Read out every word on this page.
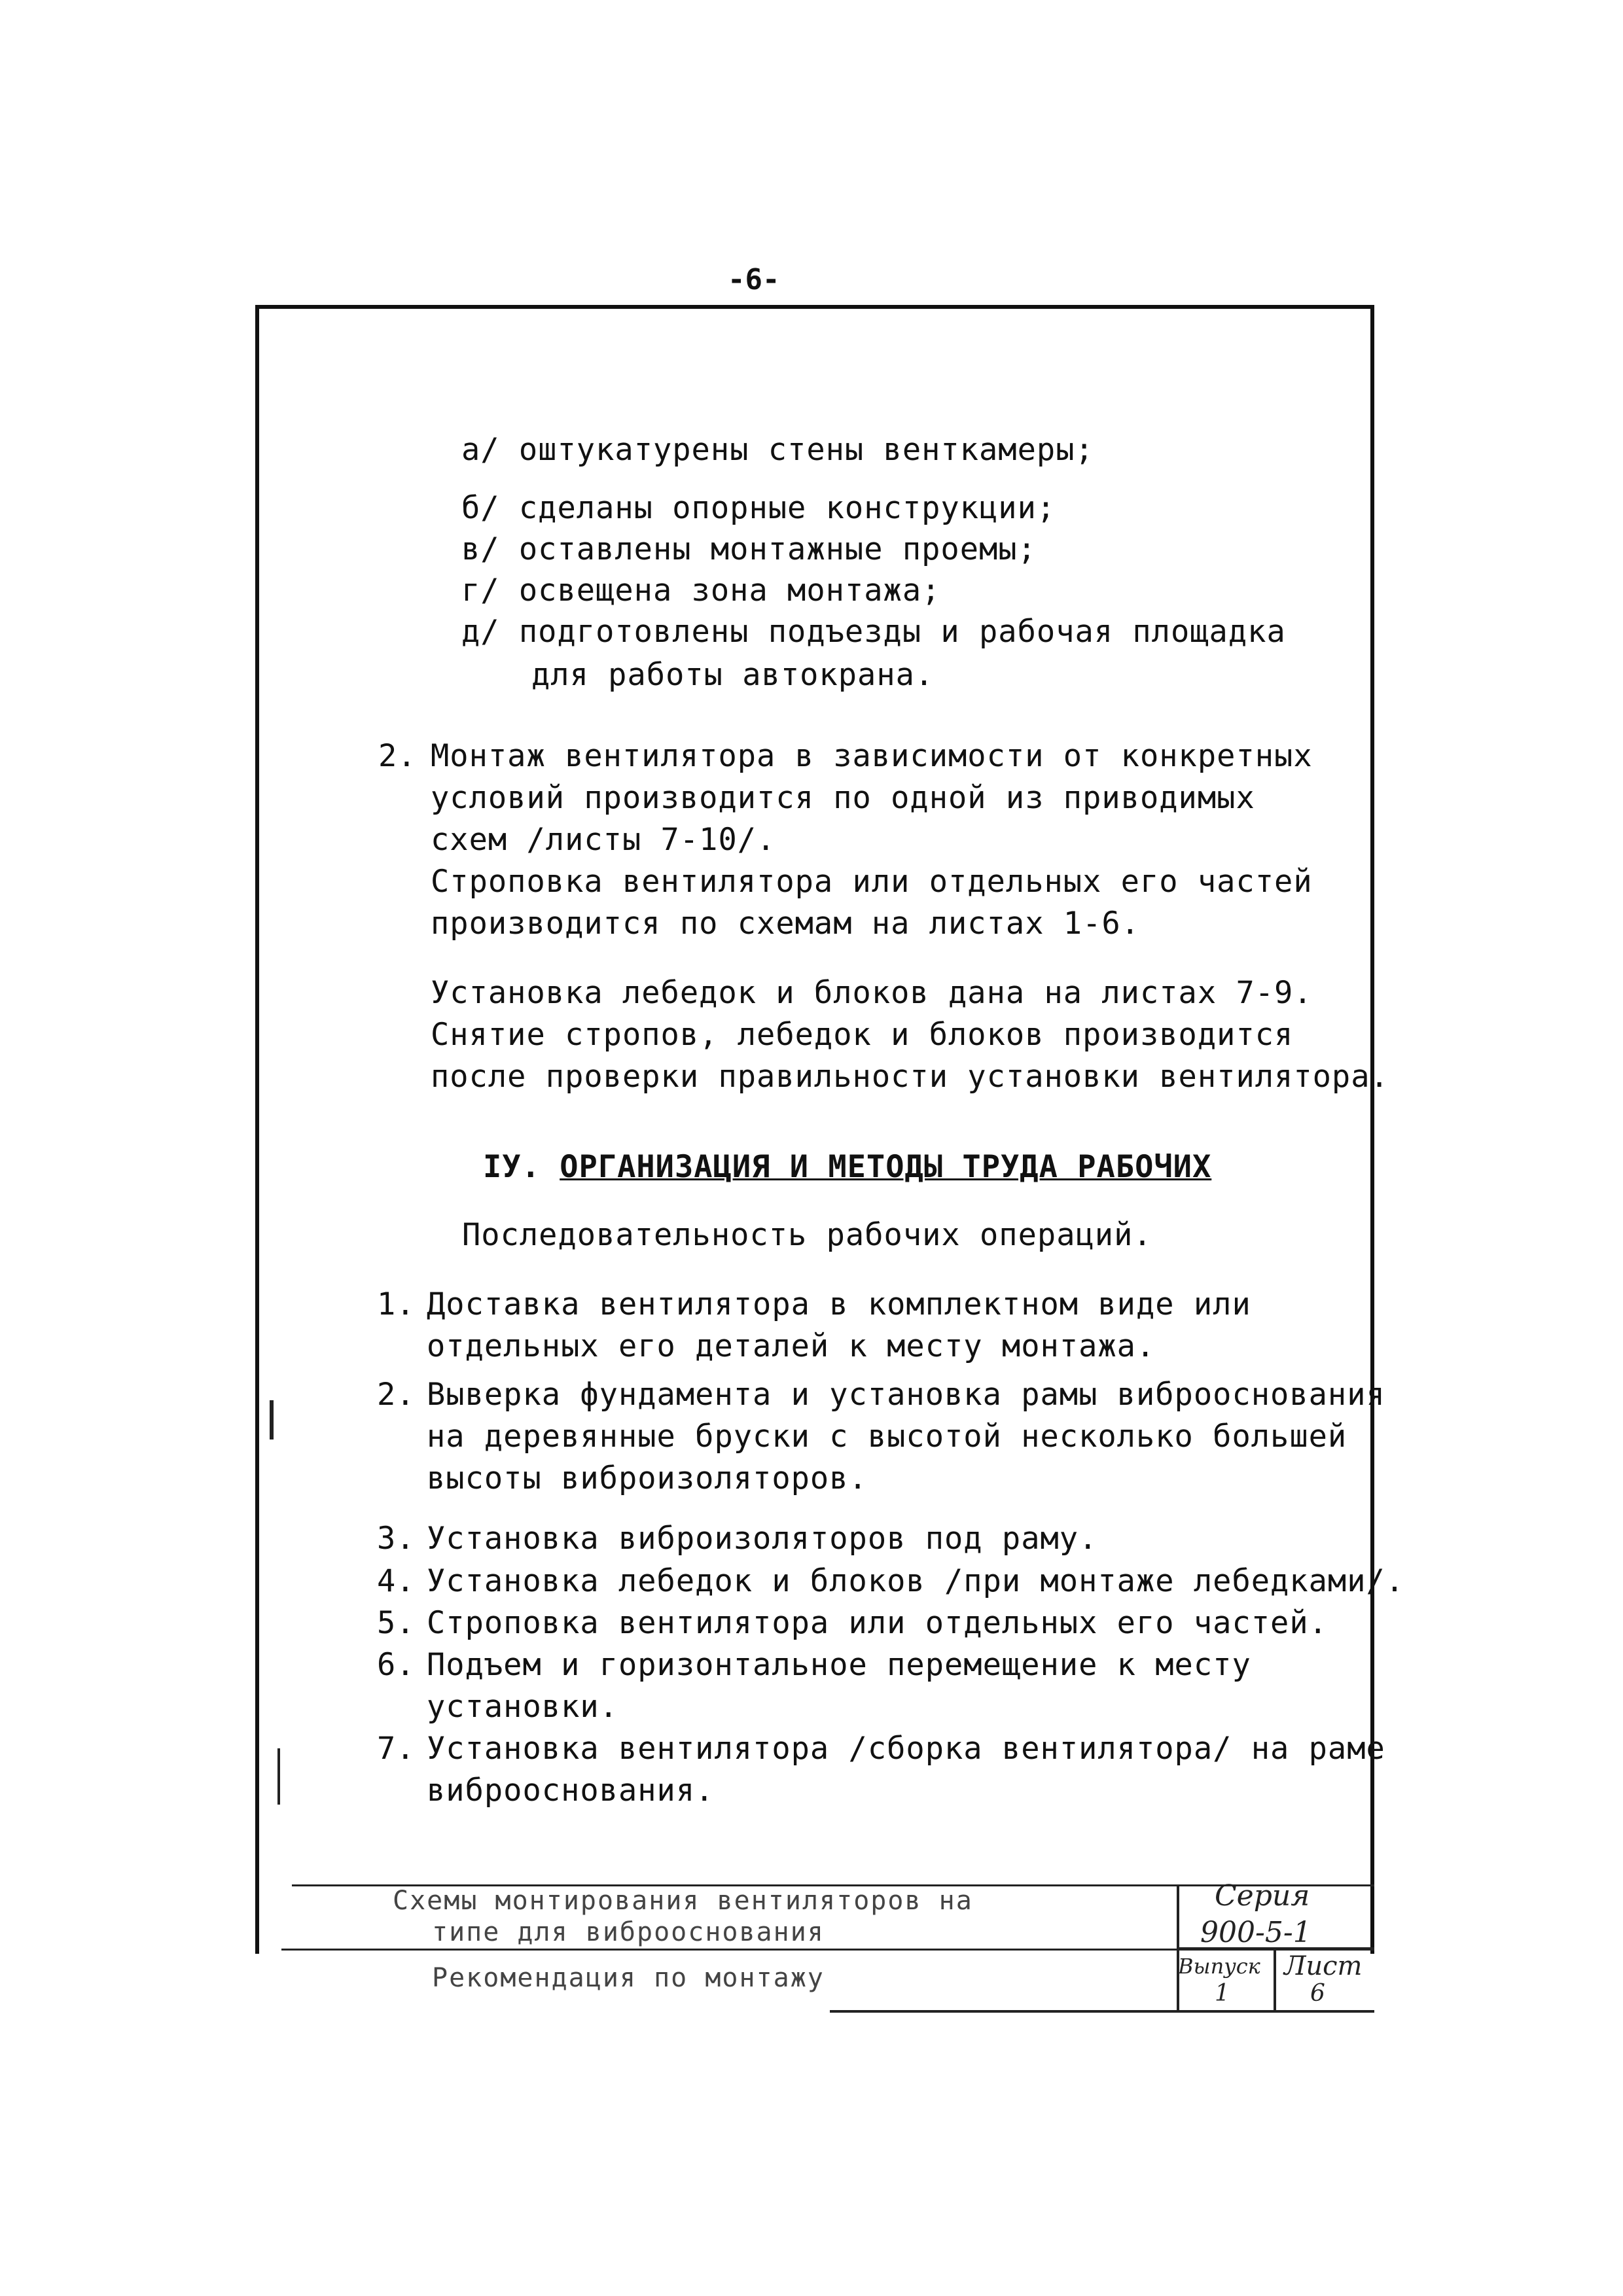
-6-
а/ оштукатурены стены венткамеры;
б/ сделаны опорные конструкции;
в/ оставлены монтажные проемы;
г/ освещена зона монтажа;
д/ подготовлены подъезды и рабочая площадка
для работы автокрана.
2. Монтаж вентилятора в зависимости от конкретных
условий производится по одной из приводимых
схем /листы 7-10/.
Строповка вентилятора или отдельных его частей
производится по схемам на листах 1-6.
Установка лебедок и блоков дана на листах 7-9.
Снятие стропов, лебедок и блоков производится
после проверки правильности установки вентилятора.
IУ. ОРГАНИЗАЦИЯ И МЕТОДЫ ТРУДА РАБОЧИХ
Последовательность рабочих операций.
1. Доставка вентилятора в комплектном виде или
отдельных его деталей к месту монтажа.
2. Выверка фундамента и установка рамы виброоснования
на деревянные бруски с высотой несколько большей
высоты виброизоляторов.
3. Установка виброизоляторов под раму.
4. Установка лебедок и блоков /при монтаже лебедками/.
5. Строповка вентилятора или отдельных его частей.
6. Подъем и горизонтальное перемещение к месту
установки.
7. Установка вентилятора /сборка вентилятора/ на раме
виброоснования.
Схемы монтирования вентиляторов на
типе для виброоснования
Рекомендация по монтажу
Серия
900-5-1
Выпуск
1
Лист
6
